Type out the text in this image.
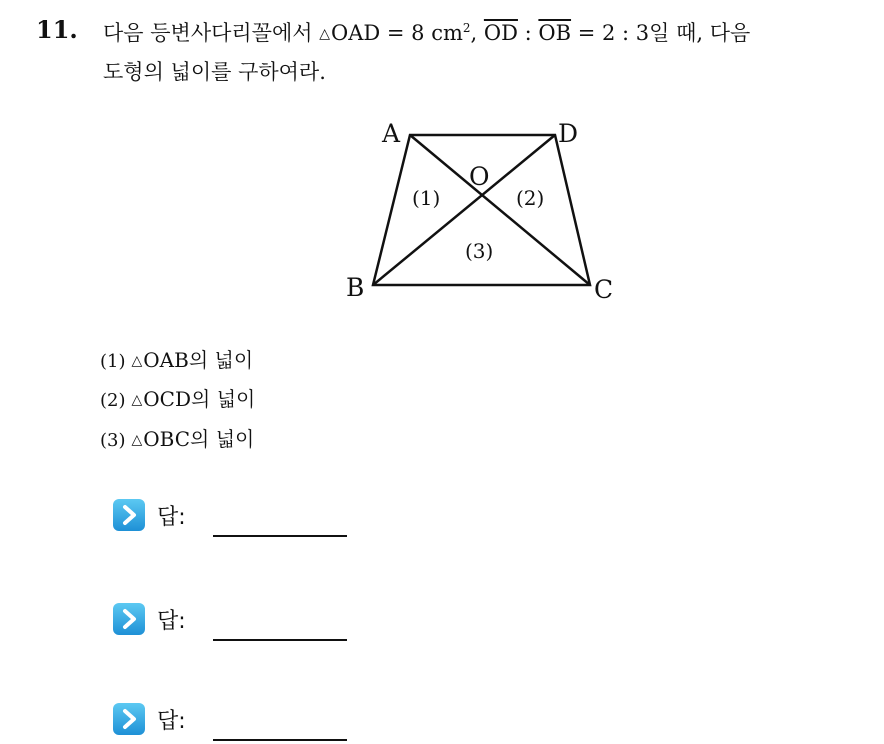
11. 다음 등변사다리꼴에서 △OAD = 8 $cm^2$, $\overline{OD}$ : $\overline{OB} = 2$ : 3일 때, 다음
도형의 넓이를 구하여라.
A	D
B	C
O
(1)	(2)
(3)
(1) △OAB의 넓이
(2) △OCD의 넓이
(3) △OBC의 넓이
답:
답:
답:
